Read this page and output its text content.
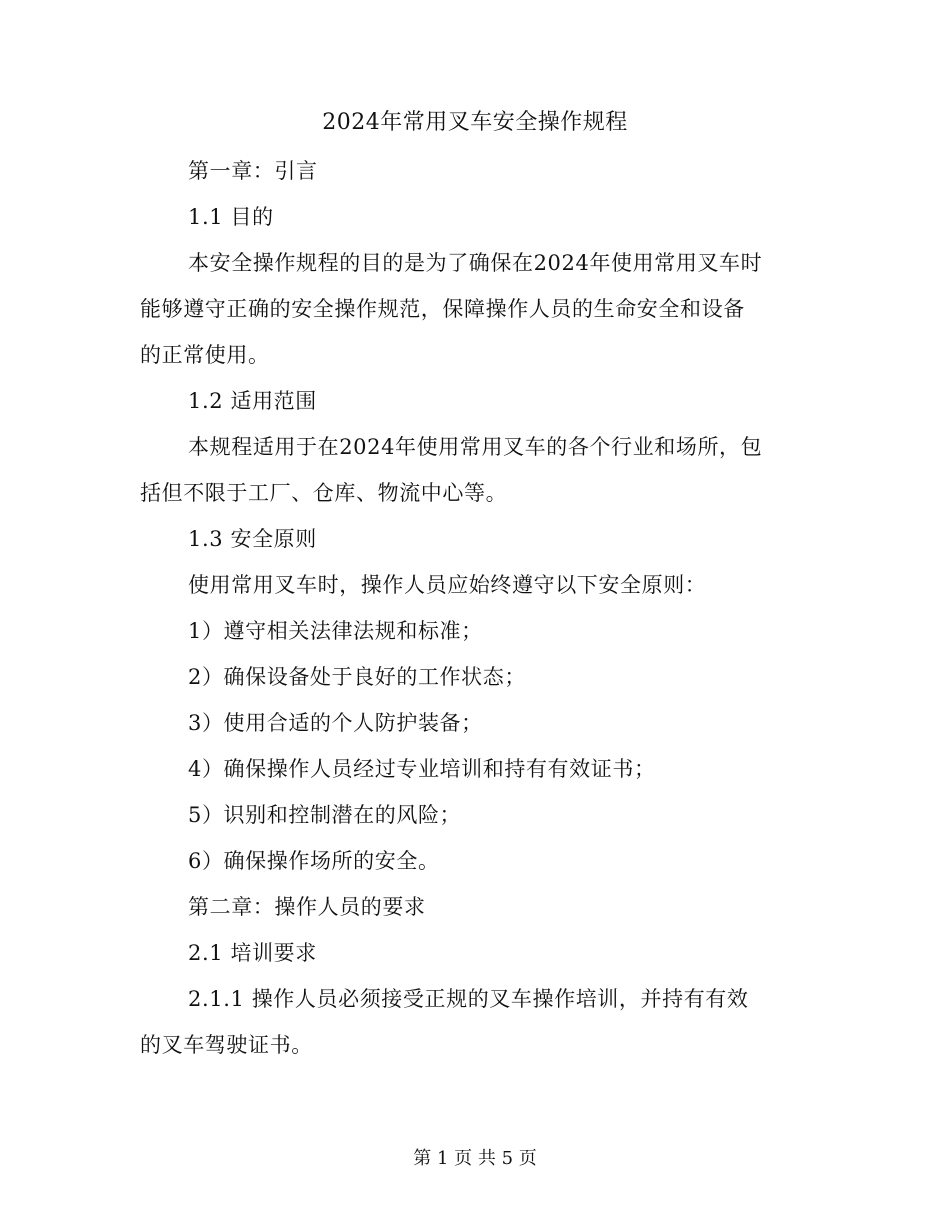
2024年常用叉车安全操作规程
第一章：引言
1.1 目的
本安全操作规程的目的是为了确保在2024年使用常用叉车时
能够遵守正确的安全操作规范，保障操作人员的生命安全和设备
的正常使用。
1.2 适用范围
本规程适用于在2024年使用常用叉车的各个行业和场所，包
括但不限于工厂、仓库、物流中心等。
1.3 安全原则
使用常用叉车时，操作人员应始终遵守以下安全原则：
1）遵守相关法律法规和标准；
2）确保设备处于良好的工作状态；
3）使用合适的个人防护装备；
4）确保操作人员经过专业培训和持有有效证书；
5）识别和控制潜在的风险；
6）确保操作场所的安全。
第二章：操作人员的要求
2.1 培训要求
2.1.1 操作人员必须接受正规的叉车操作培训，并持有有效
的叉车驾驶证书。
第 1 页 共 5 页
